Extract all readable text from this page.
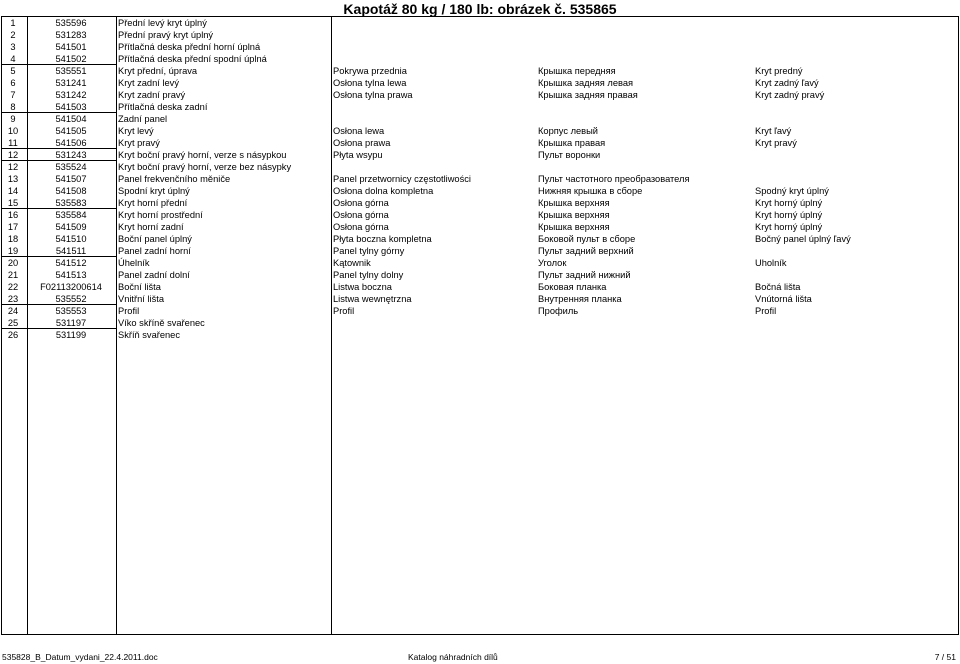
Kapotáž 80 kg / 180 lb: obrázek č. 535865
1	535596	Přední levý kryt úplný
2	531283	Přední pravý kryt úplný
3	541501	Přítlačná deska přední horní úplná
4	541502	Přítlačná deska přední spodní úplná
5	535551	Kryt přední, úprava	Pokrywa przednia	Крышка передняя	Kryt predný
6	531241	Kryt zadní levý	Osłona tylna lewa	Крышка задняя левая	Kryt zadný ľavý
7	531242	Kryt zadní pravý	Osłona tylna prawa	Крышка задняя правая	Kryt zadný pravý
8	541503	Přítlačná deska zadní
9	541504	Zadní panel
10	541505	Kryt levý	Osłona lewa	Корпус левый	Kryt ľavý
11	541506	Kryt pravý	Osłona prawa	Крышка правая	Kryt pravý
12	531243	Kryt boční pravý horní, verze s násypkou	Płyta wsypu	Пульт воронки
12	535524	Kryt boční pravý horní, verze bez násypky
13	541507	Panel frekvenčního měniče	Panel przetwornicy częstotliwości	Пульт частотного преобразователя
14	541508	Spodní kryt úplný	Osłona dolna kompletna	Нижняя крышка в сборе	Spodný kryt úplný
15	535583	Kryt horní přední	Osłona górna	Крышка верхняя	Kryt horný úplný
16	535584	Kryt horní prostřední	Osłona górna	Крышка верхняя	Kryt horný úplný
17	541509	Kryt horní zadní	Osłona górna	Крышка верхняя	Kryt horný úplný
18	541510	Boční panel úplný	Płyta boczna kompletna	Боковой пульт в сборе	Bočný panel úplný ľavý
19	541511	Panel zadní horní	Panel tylny górny	Пульт задний верхний
20	541512	Úhelník	Kątownik	Уголок	Uholník
21	541513	Panel zadní dolní	Panel tylny dolny	Пульт задний нижний
22	F02113200614	Boční lišta	Listwa boczna	Боковая планка	Bočná lišta
23	535552	Vnitřní lišta	Listwa wewnętrzna	Внутренняя планка	Vnútorná lišta
24	535553	Profil	Profil	Профиль	Profil
25	531197	Víko skříně svařenec
26	531199	Skříň svařenec
535828_B_Datum_vydani_22.4.2011.doc	Katalog náhradních dílů	7 / 51
